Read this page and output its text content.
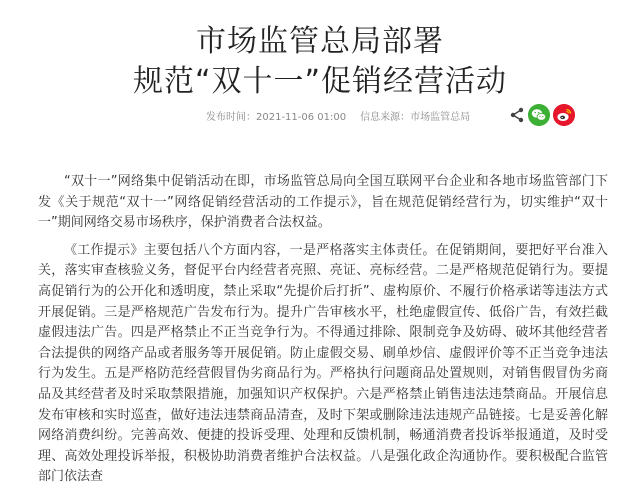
市场监管总局部署
规范“双十一”促销经营活动
发布时间：2021-11-06 01:00 信息来源：市场监管总局

“双十一”网络集中促销活动在即，市场监管总局向全国互联网平台企业和各地市场监管部门下发《关于规范“双十一”网络促销经营活动的工作提示》，旨在规范促销经营行为，切实维护“双十一”期间网络交易市场秩序，保护消费者合法权益。

《工作提示》主要包括八个方面内容，一是严格落实主体责任。在促销期间，要把好平台准入关，落实审查核验义务，督促平台内经营者亮照、亮证、亮标经营。二是严格规范促销行为。要提高促销行为的公开化和透明度，禁止采取“先提价后打折”、虚构原价、不履行价格承诺等违法方式开展促销。三是严格规范广告发布行为。提升广告审核水平，杜绝虚假宣传、低俗广告，有效拦截虚假违法广告。四是严格禁止不正当竞争行为。不得通过排除、限制竞争及妨碍、破坏其他经营者合法提供的网络产品或者服务等开展促销。防止虚假交易、刷单炒信、虚假评价等不正当竞争违法行为发生。五是严格防范经营假冒伪劣商品行为。严格执行问题商品处置规则，对销售假冒伪劣商品及其经营者及时采取禁限措施，加强知识产权保护。六是严格禁止销售违法违禁商品。开展信息发布审核和实时巡查，做好违法违禁商品清查，及时下架或删除违法违规产品链接。七是妥善化解网络消费纠纷。完善高效、便捷的投诉受理、处理和反馈机制，畅通消费者投诉举报通道，及时受理、高效处理投诉举报，积极协助消费者维护合法权益。八是强化政企沟通协作。要积极配合监管部门依法查
